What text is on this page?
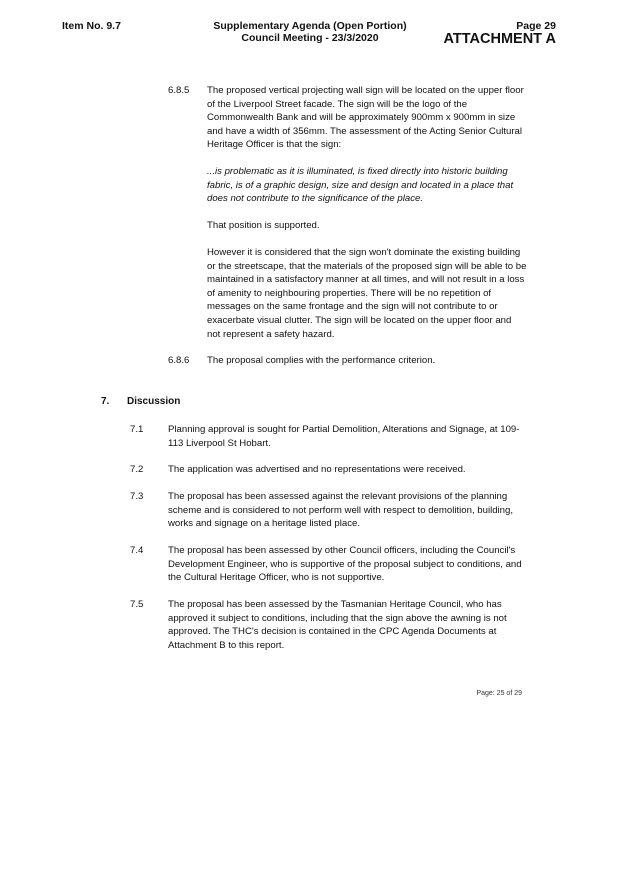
Item No. 9.7	Supplementary Agenda (Open Portion)
Council Meeting - 23/3/2020
Page 29
ATTACHMENT A
6.8.5 The proposed vertical projecting wall sign will be located on the upper floor of the Liverpool Street facade. The sign will be the logo of the Commonwealth Bank and will be approximately 900mm x 900mm in size and have a width of 356mm. The assessment of the Acting Senior Cultural Heritage Officer is that the sign:
...is problematic as it is illuminated, is fixed directly into historic building fabric, is of a graphic design, size and design and located in a place that does not contribute to the significance of the place.
That position is supported.
However it is considered that the sign won't dominate the existing building or the streetscape, that the materials of the proposed sign will be able to be maintained in a satisfactory manner at all times, and will not result in a loss of amenity to neighbouring properties. There will be no repetition of messages on the same frontage and the sign will not contribute to or exacerbate visual clutter. The sign will be located on the upper floor and not represent a safety hazard.
6.8.6 The proposal complies with the performance criterion.
7. Discussion
7.1	Planning approval is sought for Partial Demolition, Alterations and Signage, at 109-113 Liverpool St Hobart.
7.2	The application was advertised and no representations were received.
7.3	The proposal has been assessed against the relevant provisions of the planning scheme and is considered to not perform well with respect to demolition, building, works and signage on a heritage listed place.
7.4	The proposal has been assessed by other Council officers, including the Council's Development Engineer, who is supportive of the proposal subject to conditions, and the Cultural Heritage Officer, who is not supportive.
7.5	The proposal has been assessed by the Tasmanian Heritage Council, who has approved it subject to conditions, including that the sign above the awning is not approved. The THC's decision is contained in the CPC Agenda Documents at Attachment B to this report.
Page: 25 of 29
